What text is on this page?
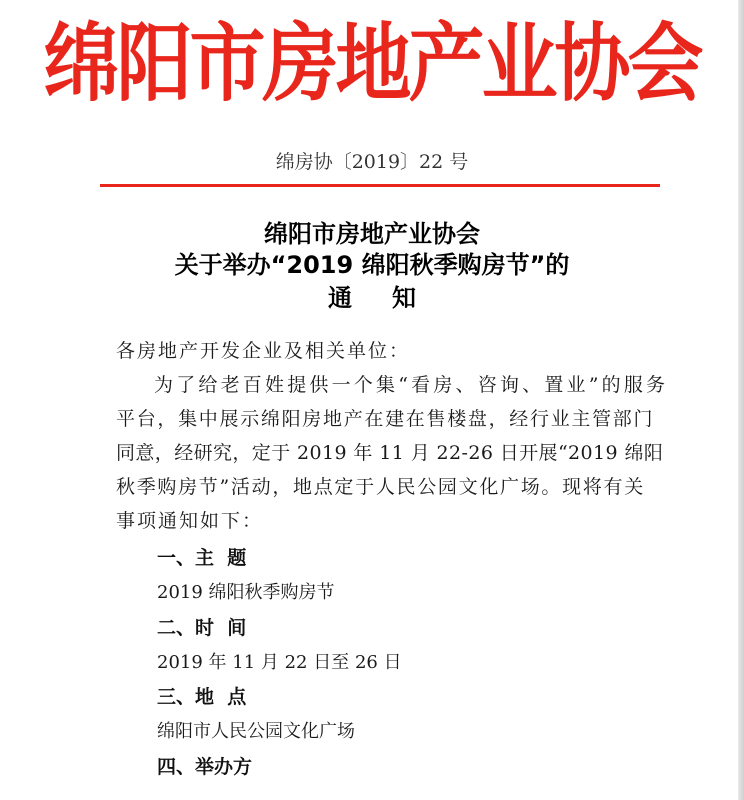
绵阳市房地产业协会
绵房协〔2019〕22 号
绵阳市房地产业协会
关于举办“2019 绵阳秋季购房节”的
通 知
各房地产开发企业及相关单位：
为了给老百姓提供一个集“看房、咨询、置业”的服务
平台，集中展示绵阳房地产在建在售楼盘，经行业主管部门
同意，经研究，定于 2019 年 11 月 22-26 日开展“2019 绵阳
秋季购房节”活动，地点定于人民公园文化广场。现将有关
事项通知如下：
一、主  题
2019 绵阳秋季购房节
二、时  间
2019 年 11 月 22 日至 26 日
三、地  点
绵阳市人民公园文化广场
四、举办方
